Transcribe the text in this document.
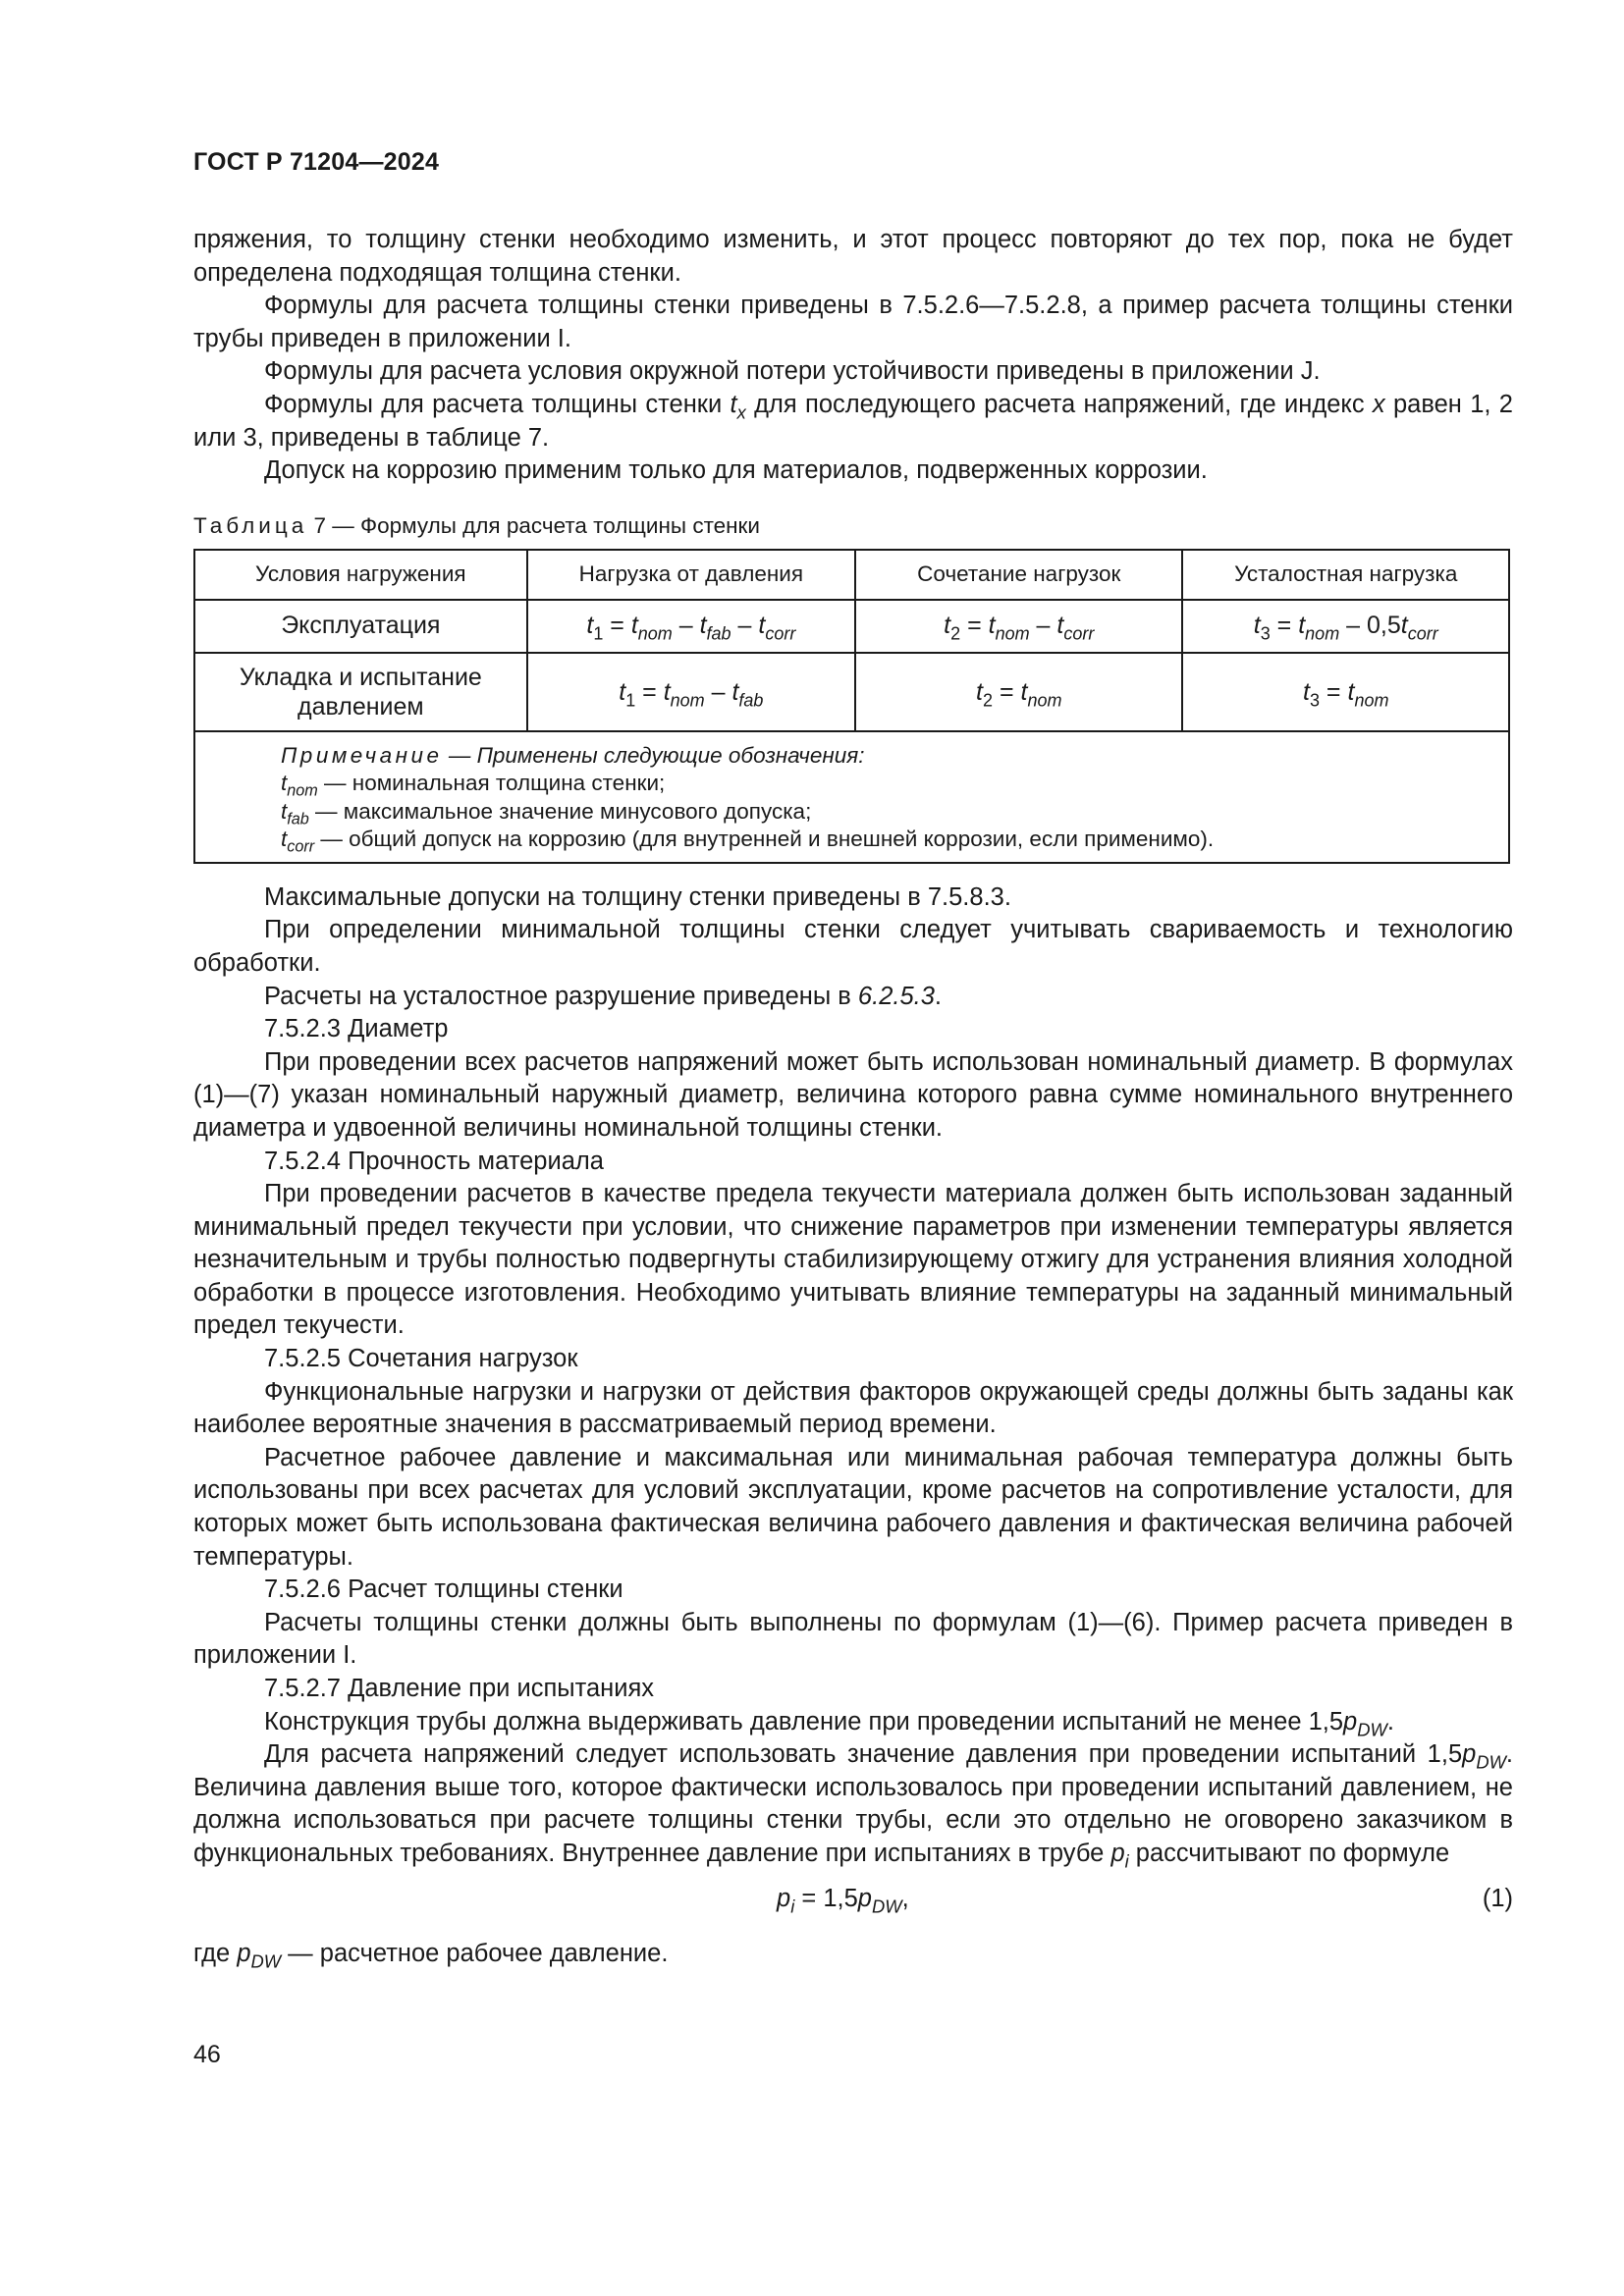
ГОСТ Р 71204—2024

пряжения, то толщину стенки необходимо изменить, и этот процесс повторяют до тех пор, пока не будет определена подходящая толщина стенки.

Формулы для расчета толщины стенки приведены в 7.5.2.6—7.5.2.8, а пример расчета толщины стенки трубы приведен в приложении I.

Формулы для расчета условия окружной потери устойчивости приведены в приложении J.

Формулы для расчета толщины стенки $t_x$ для последующего расчета напряжений, где индекс x равен 1, 2 или 3, приведены в таблице 7.

Допуск на коррозию применим только для материалов, подверженных коррозии.

Таблица 7 — Формулы для расчета толщины стенки
Условия нагружения	Нагрузка от давления	Сочетание нагрузок	Усталостная нагрузка
Эксплуатация	$t_1 = t_{nom} - t_{fab} - t_{corr}$	$t_2 = t_{nom} - t_{corr}$	$t_3 = t_{nom} - 0,5t_{corr}$
Укладка и испытание давлением	$t_1 = t_{nom} - t_{fab}$	$t_2 = t_{nom}$	$t_3 = t_{nom}$

Примечание — Применены следующие обозначения:
$t_{nom}$ — номинальная толщина стенки;
$t_{fab}$ — максимальное значение минусового допуска;
$t_{corr}$ — общий допуск на коррозию (для внутренней и внешней коррозии, если применимо).			

Максимальные допуски на толщину стенки приведены в 7.5.8.3.

При определении минимальной толщины стенки следует учитывать свариваемость и технологию обработки.

Расчеты на усталостное разрушение приведены в 6.2.5.3.

7.5.2.3 Диаметр

При проведении всех расчетов напряжений может быть использован номинальный диаметр. В формулах (1)—(7) указан номинальный наружный диаметр, величина которого равна сумме номинального внутреннего диаметра и удвоенной величины номинальной толщины стенки.

7.5.2.4 Прочность материала

При проведении расчетов в качестве предела текучести материала должен быть использован заданный минимальный предел текучести при условии, что снижение параметров при изменении температуры является незначительным и трубы полностью подвергнуты стабилизирующему отжигу для устранения влияния холодной обработки в процессе изготовления. Необходимо учитывать влияние температуры на заданный минимальный предел текучести.

7.5.2.5 Сочетания нагрузок

Функциональные нагрузки и нагрузки от действия факторов окружающей среды должны быть заданы как наиболее вероятные значения в рассматриваемый период времени.

Расчетное рабочее давление и максимальная или минимальная рабочая температура должны быть использованы при всех расчетах для условий эксплуатации, кроме расчетов на сопротивление усталости, для которых может быть использована фактическая величина рабочего давления и фактическая величина рабочей температуры.

7.5.2.6 Расчет толщины стенки

Расчеты толщины стенки должны быть выполнены по формулам (1)—(6). Пример расчета приведен в приложении I.

7.5.2.7 Давление при испытаниях

Конструкция трубы должна выдерживать давление при проведении испытаний не менее $1,5p_{DW}$.

Для расчета напряжений следует использовать значение давления при проведении испытаний $1,5p_{DW}$. Величина давления выше того, которое фактически использовалось при проведении испытаний давлением, не должна использоваться при расчете толщины стенки трубы, если это отдельно не оговорено заказчиком в функциональных требованиях. Внутреннее давление при испытаниях в трубе $p_i$ рассчитывают по формуле

$p_i = 1,5p_{DW}$,	(1)

где $p_{DW}$ — расчетное рабочее давление.

46
